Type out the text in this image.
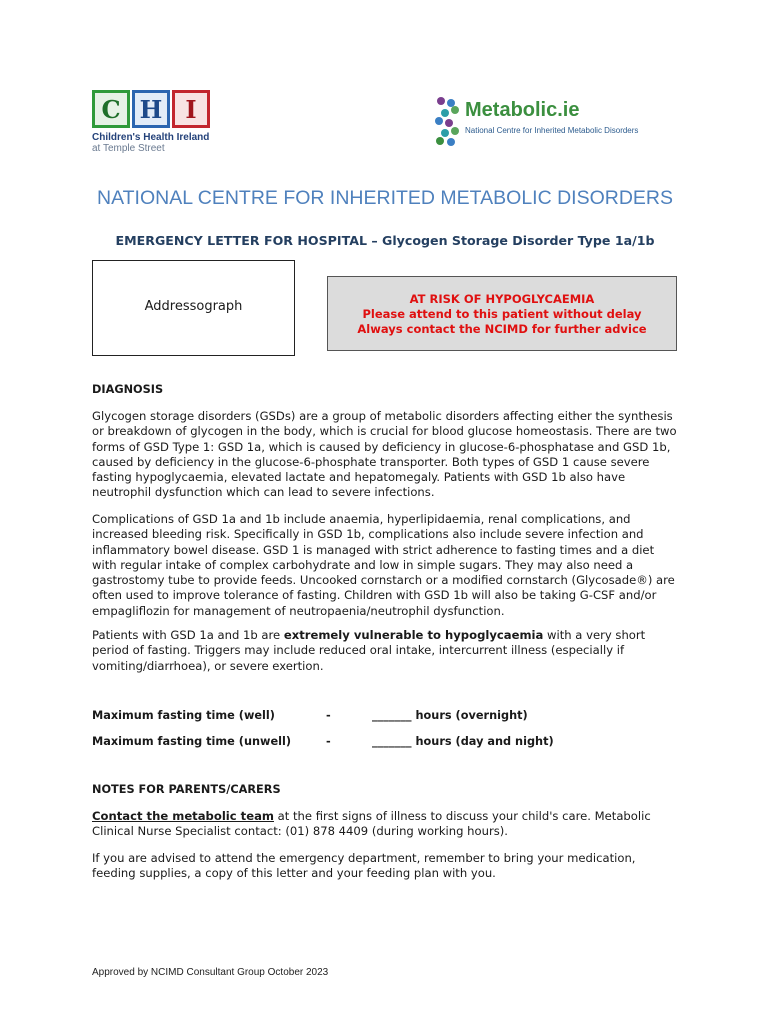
C H I
Children's Health Ireland
at Temple Street
Metabolic.ie
National Centre for Inherited Metabolic Disorders
NATIONAL CENTRE FOR INHERITED METABOLIC DISORDERS
EMERGENCY LETTER FOR HOSPITAL – Glycogen Storage Disorder Type 1a/1b
Addressograph	AT RISK OF HYPOGLYCAEMIA
Please attend to this patient without delay
Always contact the NCIMD for further advice
DIAGNOSIS
Glycogen storage disorders (GSDs) are a group of metabolic disorders affecting either the synthesis or breakdown of glycogen in the body, which is crucial for blood glucose homeostasis. There are two forms of GSD Type 1: GSD 1a, which is caused by deficiency in glucose-6-phosphatase and GSD 1b, caused by deficiency in the glucose-6-phosphate transporter. Both types of GSD 1 cause severe fasting hypoglycaemia, elevated lactate and hepatomegaly. Patients with GSD 1b also have neutrophil dysfunction which can lead to severe infections.
Complications of GSD 1a and 1b include anaemia, hyperlipidaemia, renal complications, and increased bleeding risk. Specifically in GSD 1b, complications also include severe infection and inflammatory bowel disease. GSD 1 is managed with strict adherence to fasting times and a diet with regular intake of complex carbohydrate and low in simple sugars. They may also need a gastrostomy tube to provide feeds. Uncooked cornstarch or a modified cornstarch (Glycosade®) are often used to improve tolerance of fasting. Children with GSD 1b will also be taking G-CSF and/or empagliflozin for management of neutropaenia/neutrophil dysfunction.
Patients with GSD 1a and 1b are extremely vulnerable to hypoglycaemia with a very short period of fasting. Triggers may include reduced oral intake, intercurrent illness (especially if vomiting/diarrhoea), or severe exertion.
Maximum fasting time (well)	-	_______ hours (overnight)
Maximum fasting time (unwell)	-	_______ hours (day and night)
NOTES FOR PARENTS/CARERS
Contact the metabolic team at the first signs of illness to discuss your child's care. Metabolic Clinical Nurse Specialist contact: (01) 878 4409 (during working hours).
If you are advised to attend the emergency department, remember to bring your medication, feeding supplies, a copy of this letter and your feeding plan with you.
Approved by NCIMD Consultant Group October 2023
